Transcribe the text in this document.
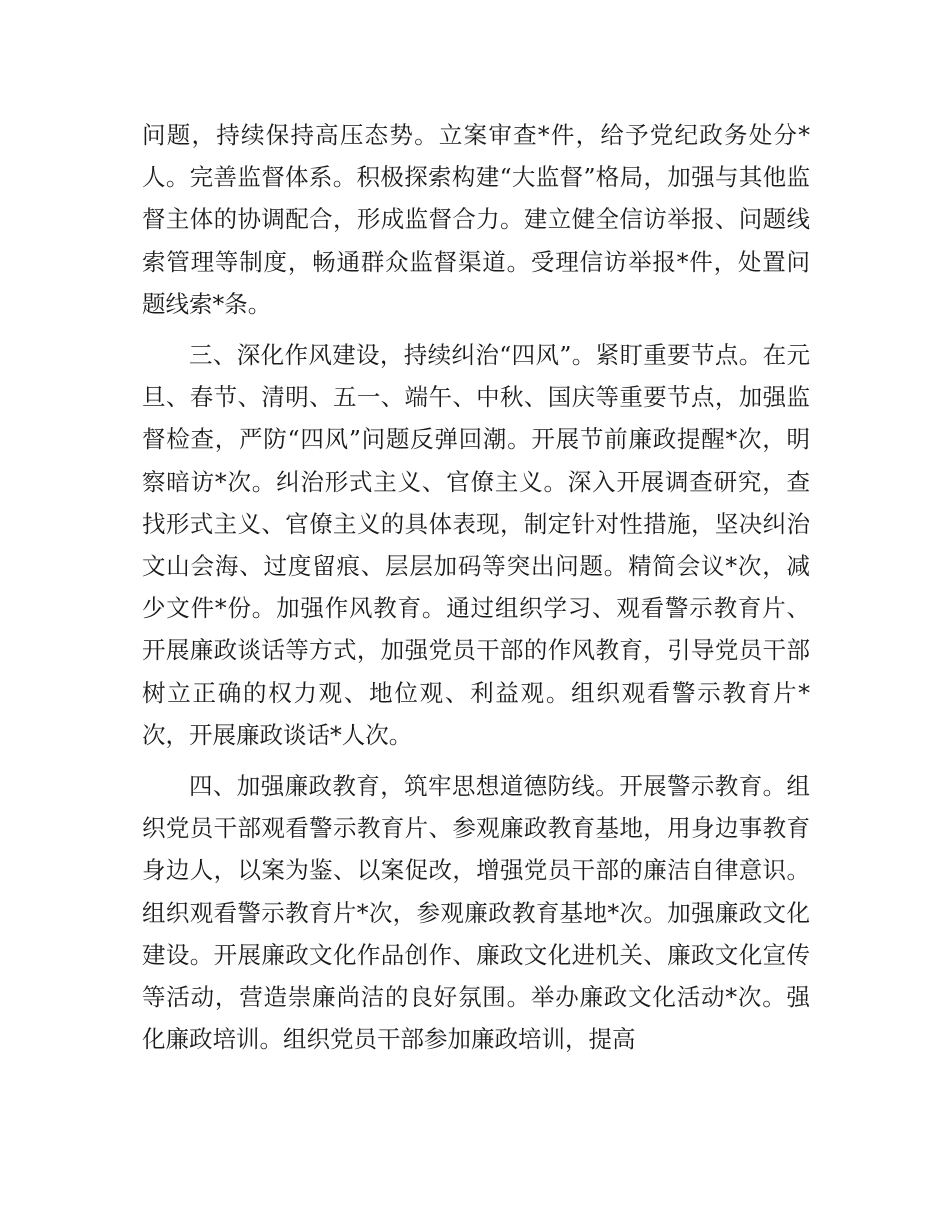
问题，持续保持高压态势。立案审查*件，给予党纪政务处分*人。完善监督体系。积极探索构建“大监督”格局，加强与其他监督主体的协调配合，形成监督合力。建立健全信访举报、问题线索管理等制度，畅通群众监督渠道。受理信访举报*件，处置问题线索*条。

三、深化作风建设，持续纠治“四风”。紧盯重要节点。在元旦、春节、清明、五一、端午、中秋、国庆等重要节点，加强监督检查，严防“四风”问题反弹回潮。开展节前廉政提醒*次，明察暗访*次。纠治形式主义、官僚主义。深入开展调查研究，查找形式主义、官僚主义的具体表现，制定针对性措施，坚决纠治文山会海、过度留痕、层层加码等突出问题。精简会议*次，减少文件*份。加强作风教育。通过组织学习、观看警示教育片、开展廉政谈话等方式，加强党员干部的作风教育，引导党员干部树立正确的权力观、地位观、利益观。组织观看警示教育片*次，开展廉政谈话*人次。

四、加强廉政教育，筑牢思想道德防线。开展警示教育。组织党员干部观看警示教育片、参观廉政教育基地，用身边事教育身边人，以案为鉴、以案促改，增强党员干部的廉洁自律意识。组织观看警示教育片*次，参观廉政教育基地*次。加强廉政文化建设。开展廉政文化作品创作、廉政文化进机关、廉政文化宣传等活动，营造崇廉尚洁的良好氛围。举办廉政文化活动*次。强化廉政培训。组织党员干部参加廉政培训，提高
